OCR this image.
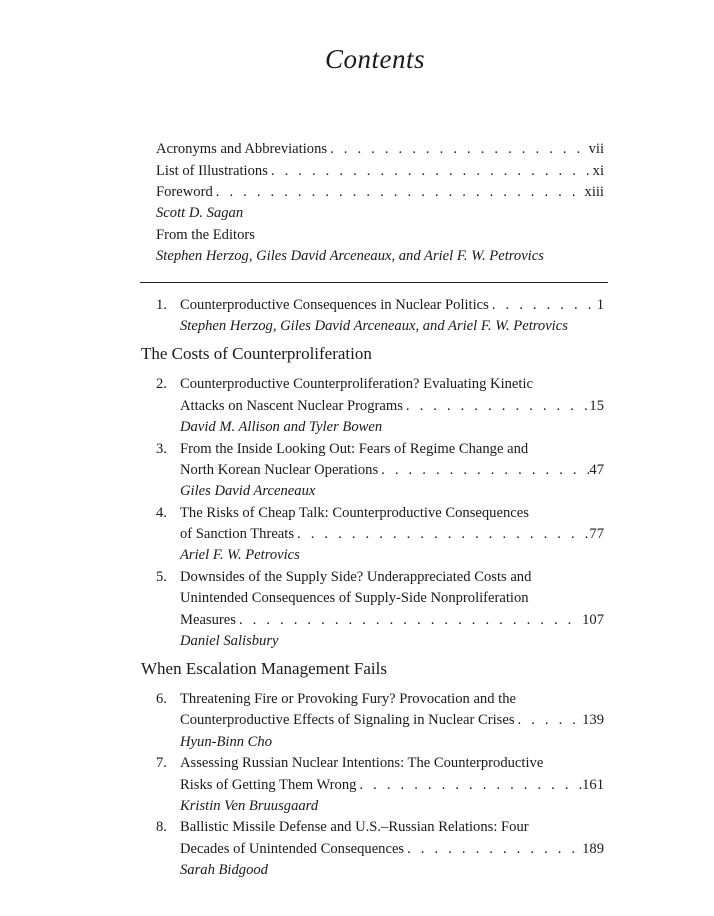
Contents
Acronyms and Abbreviations . . .	vii
List of Illustrations . . .	xi
Foreword . . .	xiii
Scott D. Sagan
From the Editors
Stephen Herzog, Giles David Arceneaux, and Ariel F. W. Petrovics
1. Counterproductive Consequences in Nuclear Politics . . .	1
Stephen Herzog, Giles David Arceneaux, and Ariel F. W. Petrovics
The Costs of Counterproliferation
2. Counterproductive Counterproliferation? Evaluating Kinetic
Attacks on Nascent Nuclear Programs . . .	15
David M. Allison and Tyler Bowen
3. From the Inside Looking Out: Fears of Regime Change and
North Korean Nuclear Operations . . .	47
Giles David Arceneaux
4. The Risks of Cheap Talk: Counterproductive Consequences
of Sanction Threats . . .	77
Ariel F. W. Petrovics
5. Downsides of the Supply Side? Underappreciated Costs and
Unintended Consequences of Supply-Side Nonproliferation
Measures . . .	107
Daniel Salisbury
When Escalation Management Fails
6. Threatening Fire or Provoking Fury? Provocation and the
Counterproductive Effects of Signaling in Nuclear Crises . . .	139
Hyun-Binn Cho
7. Assessing Russian Nuclear Intentions: The Counterproductive
Risks of Getting Them Wrong . . .	161
Kristin Ven Bruusgaard
8. Ballistic Missile Defense and U.S.–Russian Relations: Four
Decades of Unintended Consequences . . .	189
Sarah Bidgood
